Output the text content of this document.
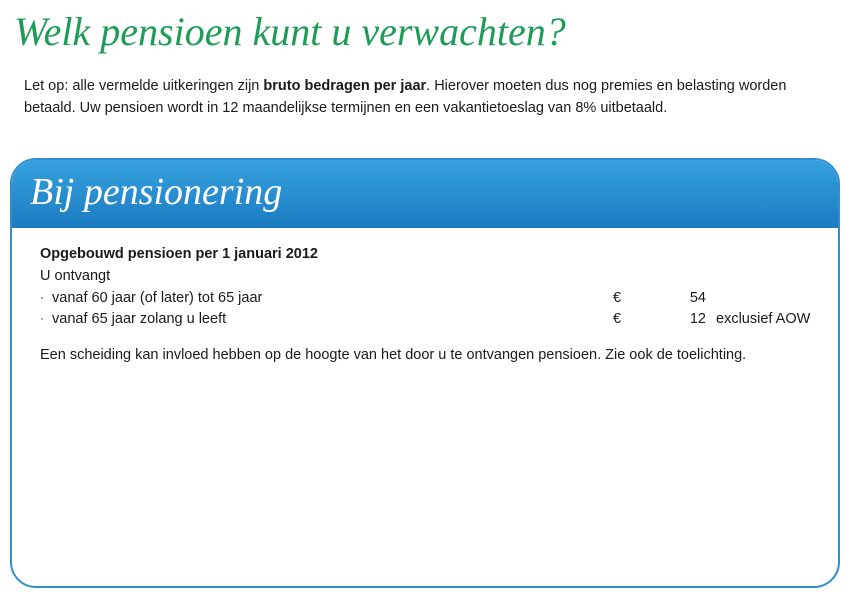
Welk pensioen kunt u verwachten?

Let op: alle vermelde uitkeringen zijn bruto bedragen per jaar. Hierover moeten dus nog premies en belasting worden betaald. Uw pensioen wordt in 12 maandelijkse termijnen en een vakantietoeslag van 8% uitbetaald.

Bij pensionering
Opgebouwd pensioen per 1 januari 2012
U ontvangt
· vanaf 60 jaar (of later) tot 65 jaar	€	54
· vanaf 65 jaar zolang u leeft	€	12 exclusief AOW
Een scheiding kan invloed hebben op de hoogte van het door u te ontvangen pensioen. Zie ook de toelichting.
